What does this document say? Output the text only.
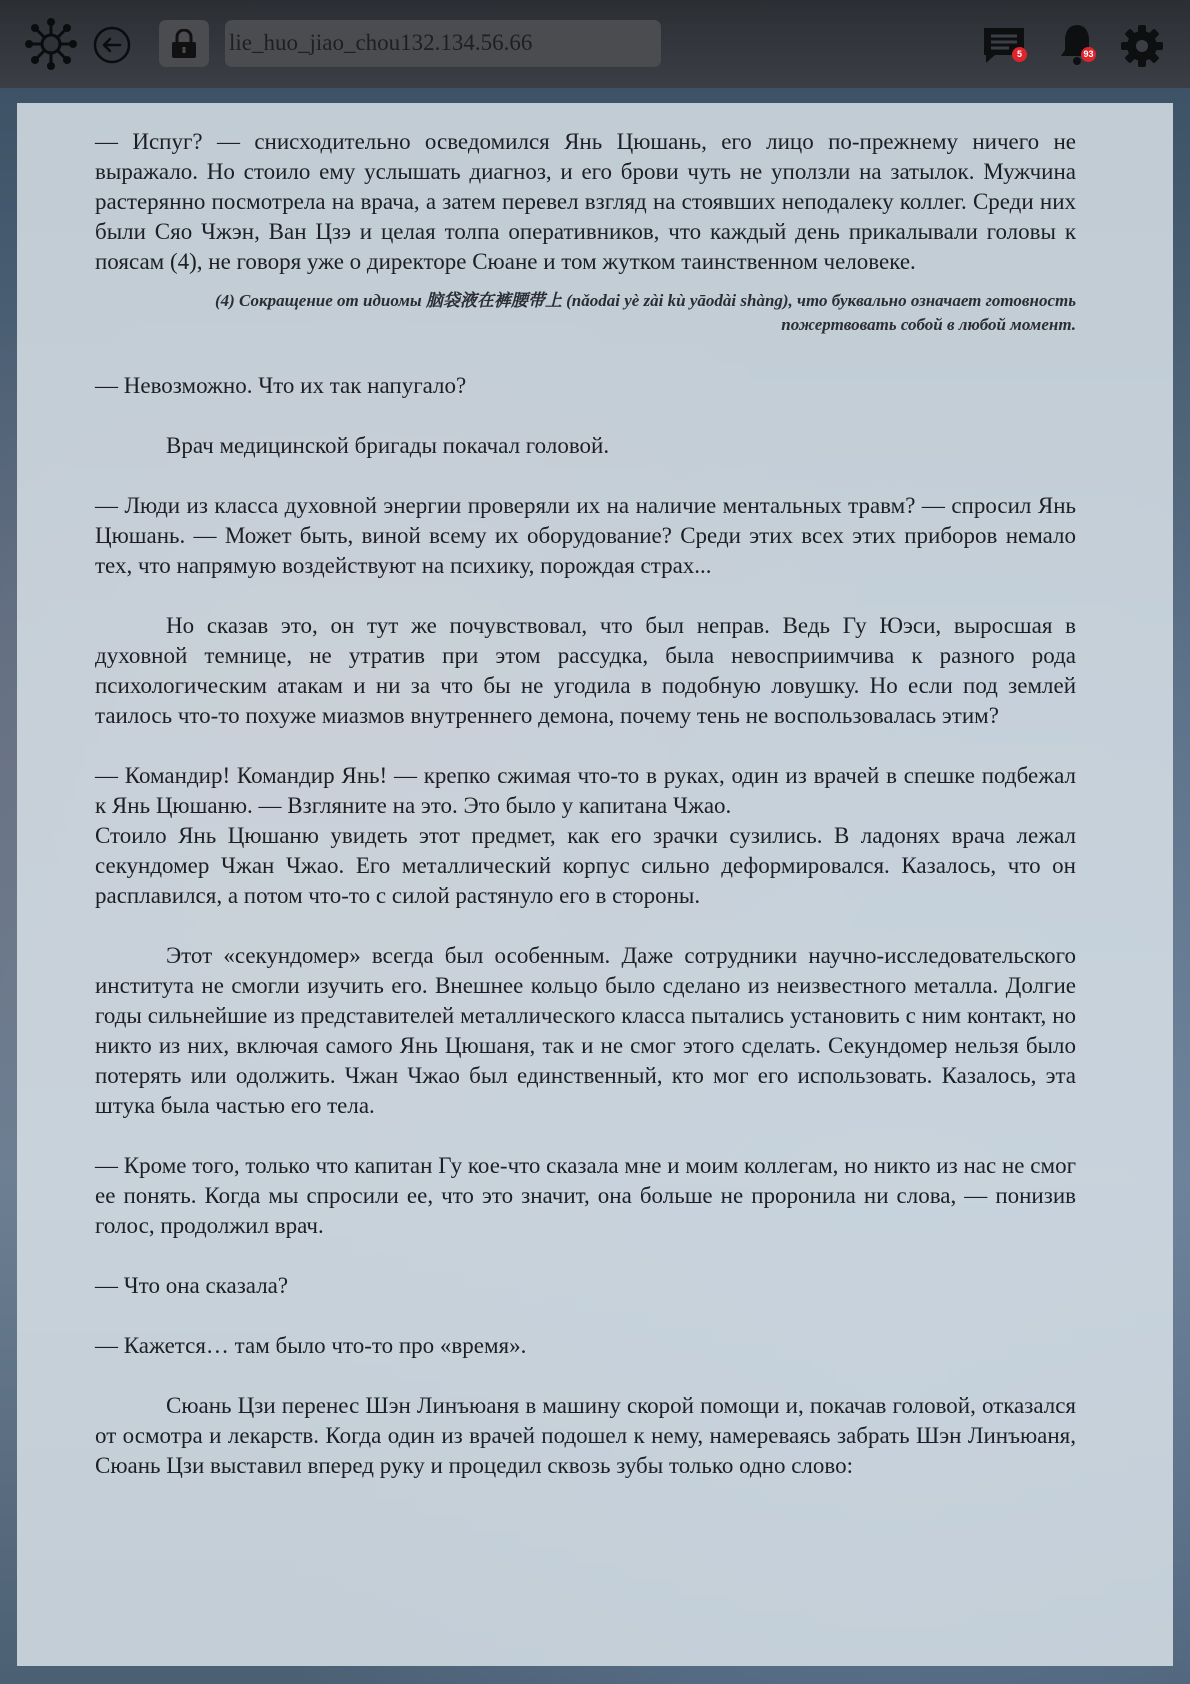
lie_huo_jiao_chou132.134.56.66	5	93

— Испуг? — снисходительно осведомился Янь Цюшань, его лицо по-прежнему ничего не выражало. Но стоило ему услышать диагноз, и его брови чуть не уползли на затылок. Мужчина растерянно посмотрела на врача, а затем перевел взгляд на стоявших неподалеку коллег. Среди них были Сяо Чжэн, Ван Цзэ и целая толпа оперативников, что каждый день прикалывали головы к поясам (4), не говоря уже о директоре Сюане и том жутком таинственном человеке.

(4) Сокращение от идиомы 脑袋液在裤腰带上 (nǎodai yè zài kù yāodài shàng), что буквально означает готовность пожертвовать собой в любой момент.

— Невозможно. Что их так напугало?

Врач медицинской бригады покачал головой.

— Люди из класса духовной энергии проверяли их на наличие ментальных травм? — спросил Янь Цюшань. — Может быть, виной всему их оборудование? Среди этих всех этих приборов немало тех, что напрямую воздействуют на психику, порождая страх...

Но сказав это, он тут же почувствовал, что был неправ. Ведь Гу Юэси, выросшая в духовной темнице, не утратив при этом рассудка, была невосприимчива к разного рода психологическим атакам и ни за что бы не угодила в подобную ловушку. Но если под землей таилось что-то похуже миазмов внутреннего демона, почему тень не воспользовалась этим?

— Командир! Командир Янь! — крепко сжимая что-то в руках, один из врачей в спешке подбежал к Янь Цюшаню. — Взгляните на это. Это было у капитана Чжао.

Стоило Янь Цюшаню увидеть этот предмет, как его зрачки сузились. В ладонях врача лежал секундомер Чжан Чжао. Его металлический корпус сильно деформировался. Казалось, что он расплавился, а потом что-то с силой растянуло его в стороны.

Этот «секундомер» всегда был особенным. Даже сотрудники научно-исследовательского института не смогли изучить его. Внешнее кольцо было сделано из неизвестного металла. Долгие годы сильнейшие из представителей металлического класса пытались установить с ним контакт, но никто из них, включая самого Янь Цюшаня, так и не смог этого сделать. Секундомер нельзя было потерять или одолжить. Чжан Чжао был единственный, кто мог его использовать. Казалось, эта штука была частью его тела.

— Кроме того, только что капитан Гу кое-что сказала мне и моим коллегам, но никто из нас не смог ее понять. Когда мы спросили ее, что это значит, она больше не проронила ни слова, — понизив голос, продолжил врач.

— Что она сказала?

— Кажется… там было что-то про «время».

Сюань Цзи перенес Шэн Линъюаня в машину скорой помощи и, покачав головой, отказался от осмотра и лекарств. Когда один из врачей подошел к нему, намереваясь забрать Шэн Линъюаня, Сюань Цзи выставил вперед руку и процедил сквозь зубы только одно слово:
